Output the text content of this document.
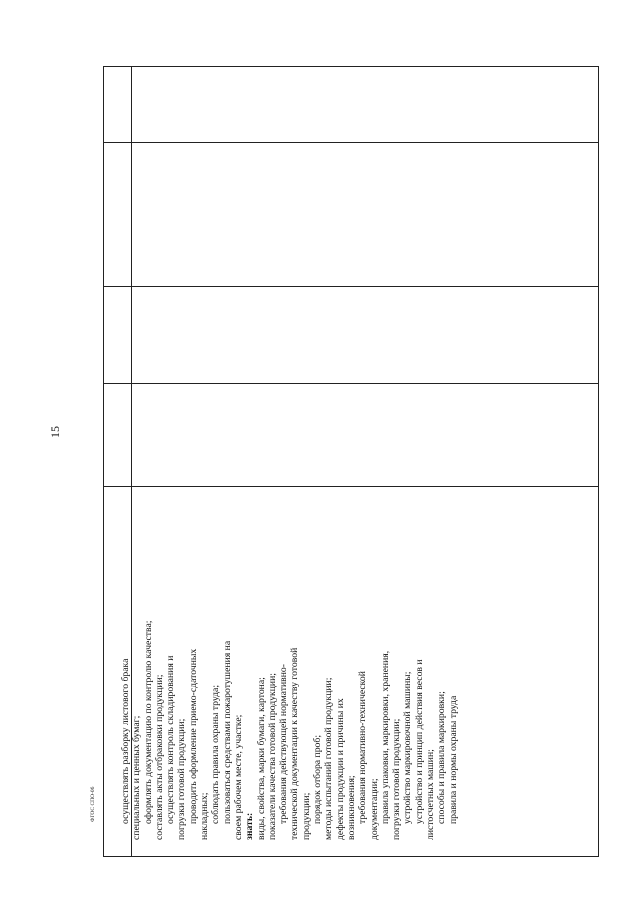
15
осуществлять разборку листового брака специальных и ценных бумаг; оформлять документацию по контролю качества; составлять акты отбраковки продукции; осуществлять контроль складирования и погрузки готовой продукции; проводить оформление приемо-сдаточных накладных; соблюдать правила охраны труда; пользоваться средствами пожаротушения на своем рабочем месте, участке; знать: виды, свойства, марки бумаги, картона; показатели качества готовой продукции; требования действующей нормативно- технической документации к качеству готовой продукции; порядок отбора проб; методы испытаний готовой продукции; дефекты продукции и причины их возникновения; требования нормативно-технической документации; правила упаковки, маркировки, хранения, погрузки готовой продукции; устройство маркировочной машины; устройство и принцип действия весов и листосчетных машин; способы и правила маркировки; правила и нормы охраны труда
ФГОС СПО-06
